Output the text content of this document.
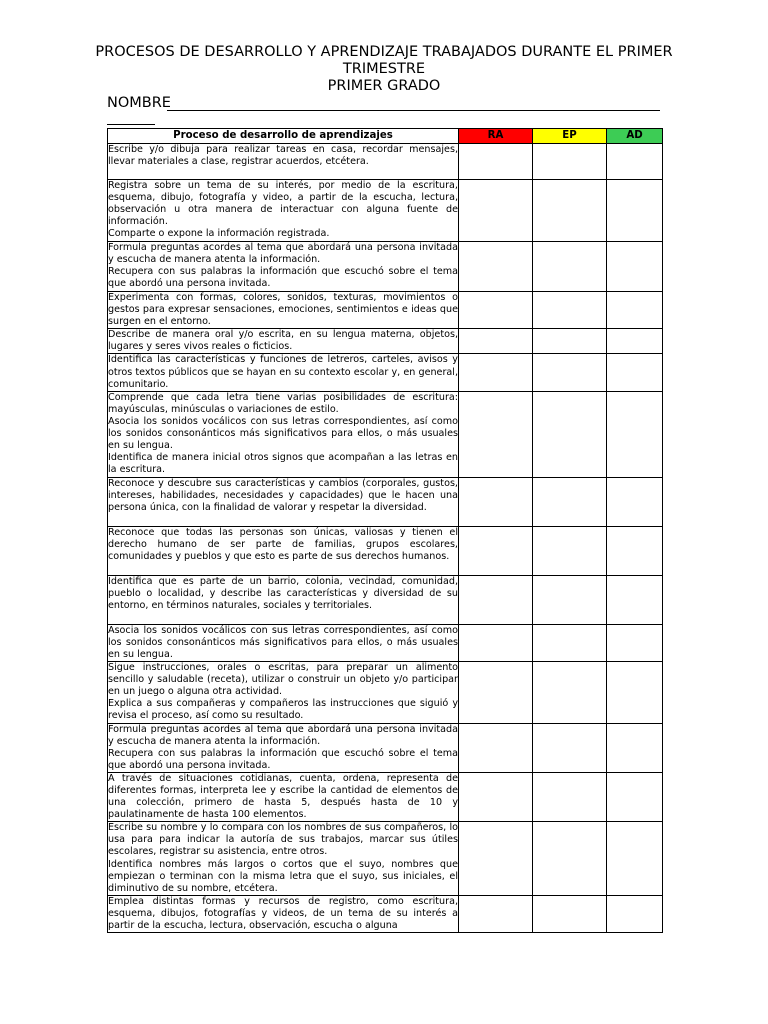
PROCESOS DE DESARROLLO Y APRENDIZAJE TRABAJADOS DURANTE EL PRIMER
TRIMESTRE
PRIMER GRADO
NOMBRE
Proceso de desarrollo de aprendizajes	RA	EP	AD

Escribe y/o dibuja para realizar tareas en casa, recordar mensajes, llevar materiales a clase, registrar acuerdos, etcétera.			

Registra sobre un tema de su interés, por medio de la escritura, esquema, dibujo, fotografía y video, a partir de la escucha, lectura, observación u otra manera de interactuar con alguna fuente de información.
Comparte o expone la información registrada.			

Formula preguntas acordes al tema que abordará una persona invitada y escucha de manera atenta la información.
Recupera con sus palabras la información que escuchó sobre el tema que abordó una persona invitada.			

Experimenta con formas, colores, sonidos, texturas, movimientos o gestos para expresar sensaciones, emociones, sentimientos e ideas que surgen en el entorno.			

Describe de manera oral y/o escrita, en su lengua materna, objetos, lugares y seres vivos reales o ficticios.			

Identifica las características y funciones de letreros, carteles, avisos y otros textos públicos que se hayan en su contexto escolar y, en general, comunitario.			

Comprende que cada letra tiene varias posibilidades de escritura: mayúsculas, minúsculas o variaciones de estilo.
Asocia los sonidos vocálicos con sus letras correspondientes, así como los sonidos consonánticos más significativos para ellos, o más usuales en su lengua.
Identifica de manera inicial otros signos que acompañan a las letras en la escritura.			

Reconoce y descubre sus características y cambios (corporales, gustos, intereses, habilidades, necesidades y capacidades) que le hacen una persona única, con la finalidad de valorar y respetar la diversidad.			

Reconoce que todas las personas son únicas, valiosas y tienen el derecho humano de ser parte de familias, grupos escolares, comunidades y pueblos y que esto es parte de sus derechos humanos.			

Identifica que es parte de un barrio, colonia, vecindad, comunidad, pueblo o localidad, y describe las características y diversidad de su entorno, en términos naturales, sociales y territoriales.			

Asocia los sonidos vocálicos con sus letras correspondientes, así como los sonidos consonánticos más significativos para ellos, o más usuales en su lengua.			

Sigue instrucciones, orales o escritas, para preparar un alimento sencillo y saludable (receta), utilizar o construir un objeto y/o participar en un juego o alguna otra actividad.
Explica a sus compañeras y compañeros las instrucciones que siguió y revisa el proceso, así como su resultado.			

Formula preguntas acordes al tema que abordará una persona invitada y escucha de manera atenta la información.
Recupera con sus palabras la información que escuchó sobre el tema que abordó una persona invitada.			

A través de situaciones cotidianas, cuenta, ordena, representa de diferentes formas, interpreta lee y escribe la cantidad de elementos de una colección, primero de hasta 5, después hasta de 10 y paulatinamente de hasta 100 elementos.			

Escribe su nombre y lo compara con los nombres de sus compañeros, lo usa para para indicar la autoría de sus trabajos, marcar sus útiles escolares, registrar su asistencia, entre otros.
Identifica nombres más largos o cortos que el suyo, nombres que empiezan o terminan con la misma letra que el suyo, sus iniciales, el diminutivo de su nombre, etcétera.			

Emplea distintas formas y recursos de registro, como escritura, esquema, dibujos, fotografías y videos, de un tema de su interés a partir de la escucha, lectura, observación, escucha o alguna			
